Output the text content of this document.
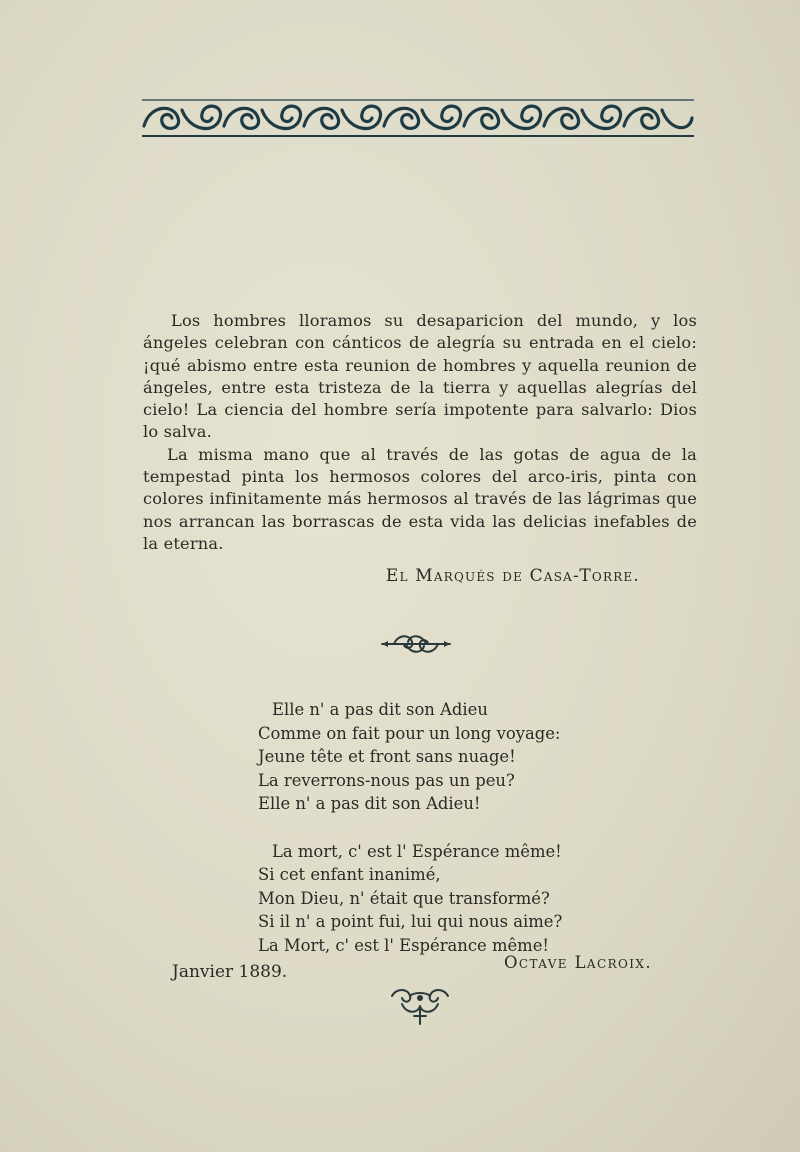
Los hombres lloramos su desaparicion del mundo, y los ángeles celebran con cánticos de alegría su entrada en el cielo: ¡qué abismo entre esta reunion de hombres y aquella reunion de ángeles, entre esta tristeza de la tierra y aquellas alegrías del cielo! La ciencia del hombre sería impotente para salvarlo: Dios lo salva.

La misma mano que al través de las gotas de agua de la tempestad pinta los hermosos colores del arco-iris, pinta con colores infinitamente más hermosos al través de las lágrimas que nos arrancan las borrascas de esta vida las delicias inefables de la eterna.

El Marqués de Casa-Torre.
Elle n' a pas dit son Adieu
Comme on fait pour un long voyage:
Jeune tête et front sans nuage!
La reverrons-nous pas un peu?
Elle n' a pas dit son Adieu!
La mort, c' est l' Espérance même!
Si cet enfant inanimé,
Mon Dieu, n' était que transformé?
Si il n' a point fui, lui qui nous aime?
La Mort, c' est l' Espérance même!
Janvier 1889.	Octave Lacroix.
